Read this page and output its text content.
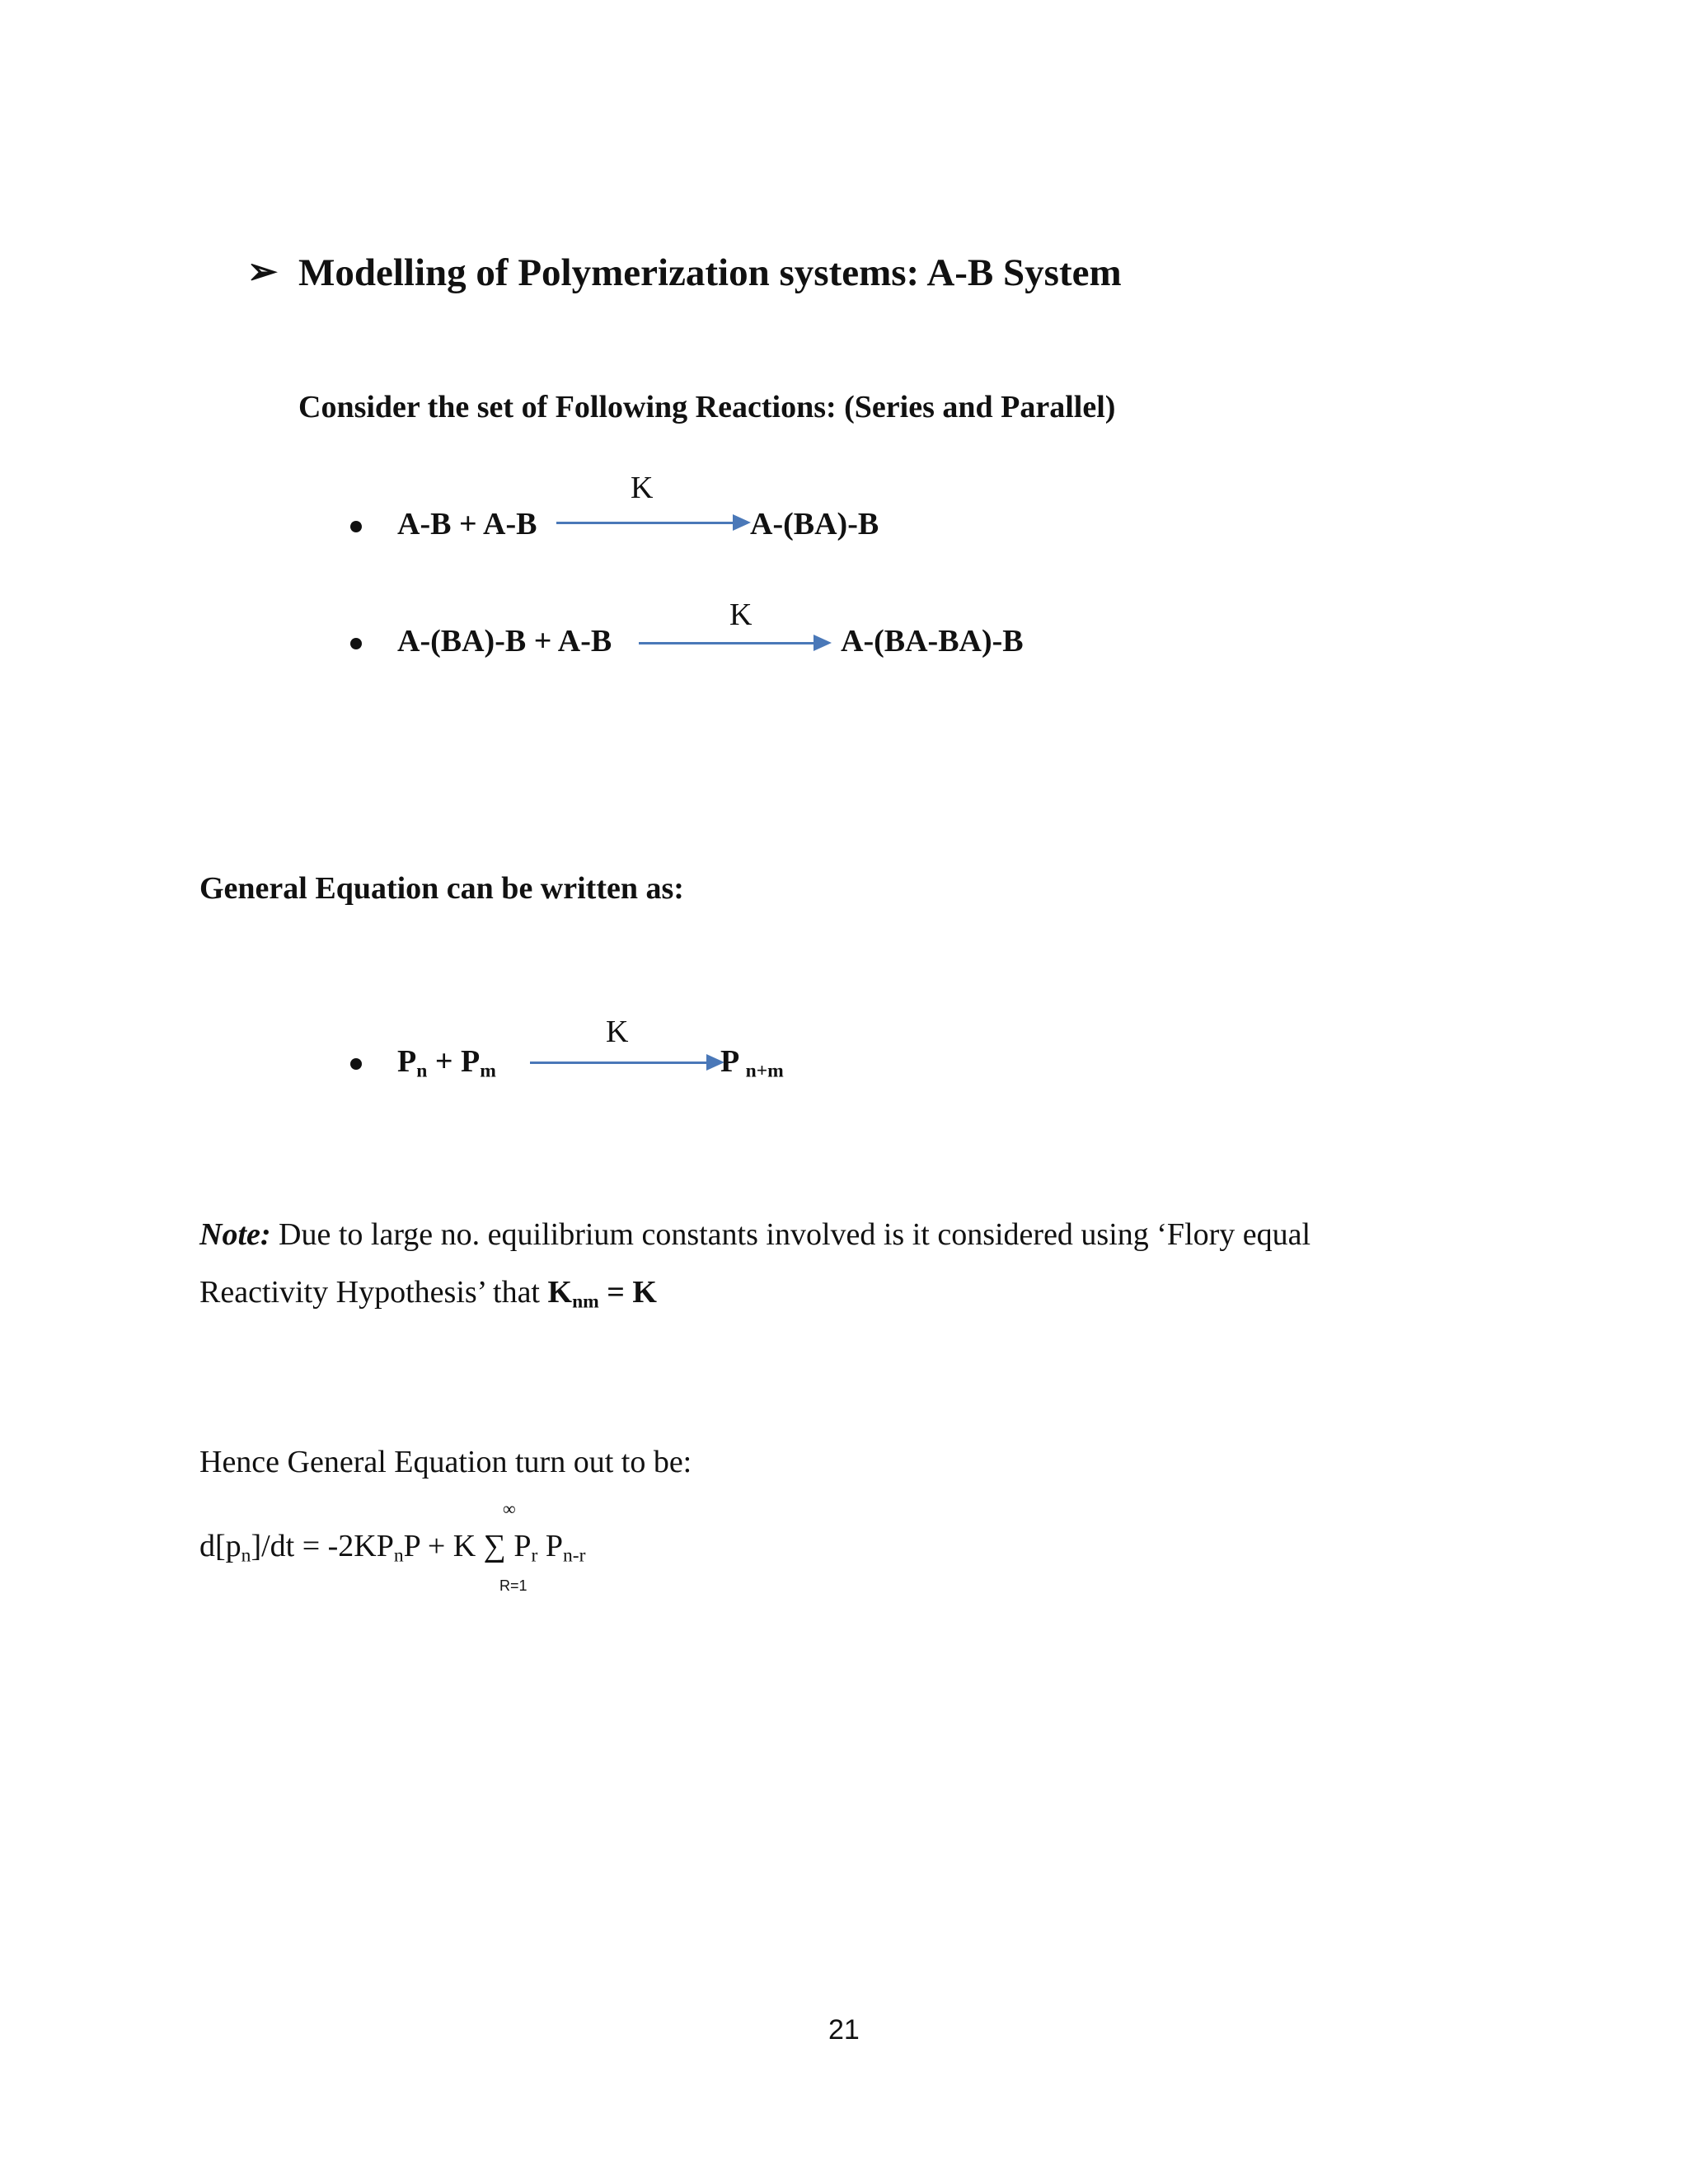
➢ Modelling of Polymerization systems: A-B System
Consider the set of Following Reactions: (Series and Parallel)
A-B + A-B
K
A-(BA)-B
A-(BA)-B + A-B
K
A-(BA-BA)-B
General Equation can be written as:
$P_n + P_m$
K
P $_{n+m}$
Note: Due to large no. equilibrium constants involved is it considered using ‘Flory equal
Reactivity Hypothesis’ that $K_{nm} = K$
Hence General Equation turn out to be:
∞
$d[p_n]/dt = -2KP_nP + K$ ∑ $P_r$ $P_{n-r}$
R=1
21
